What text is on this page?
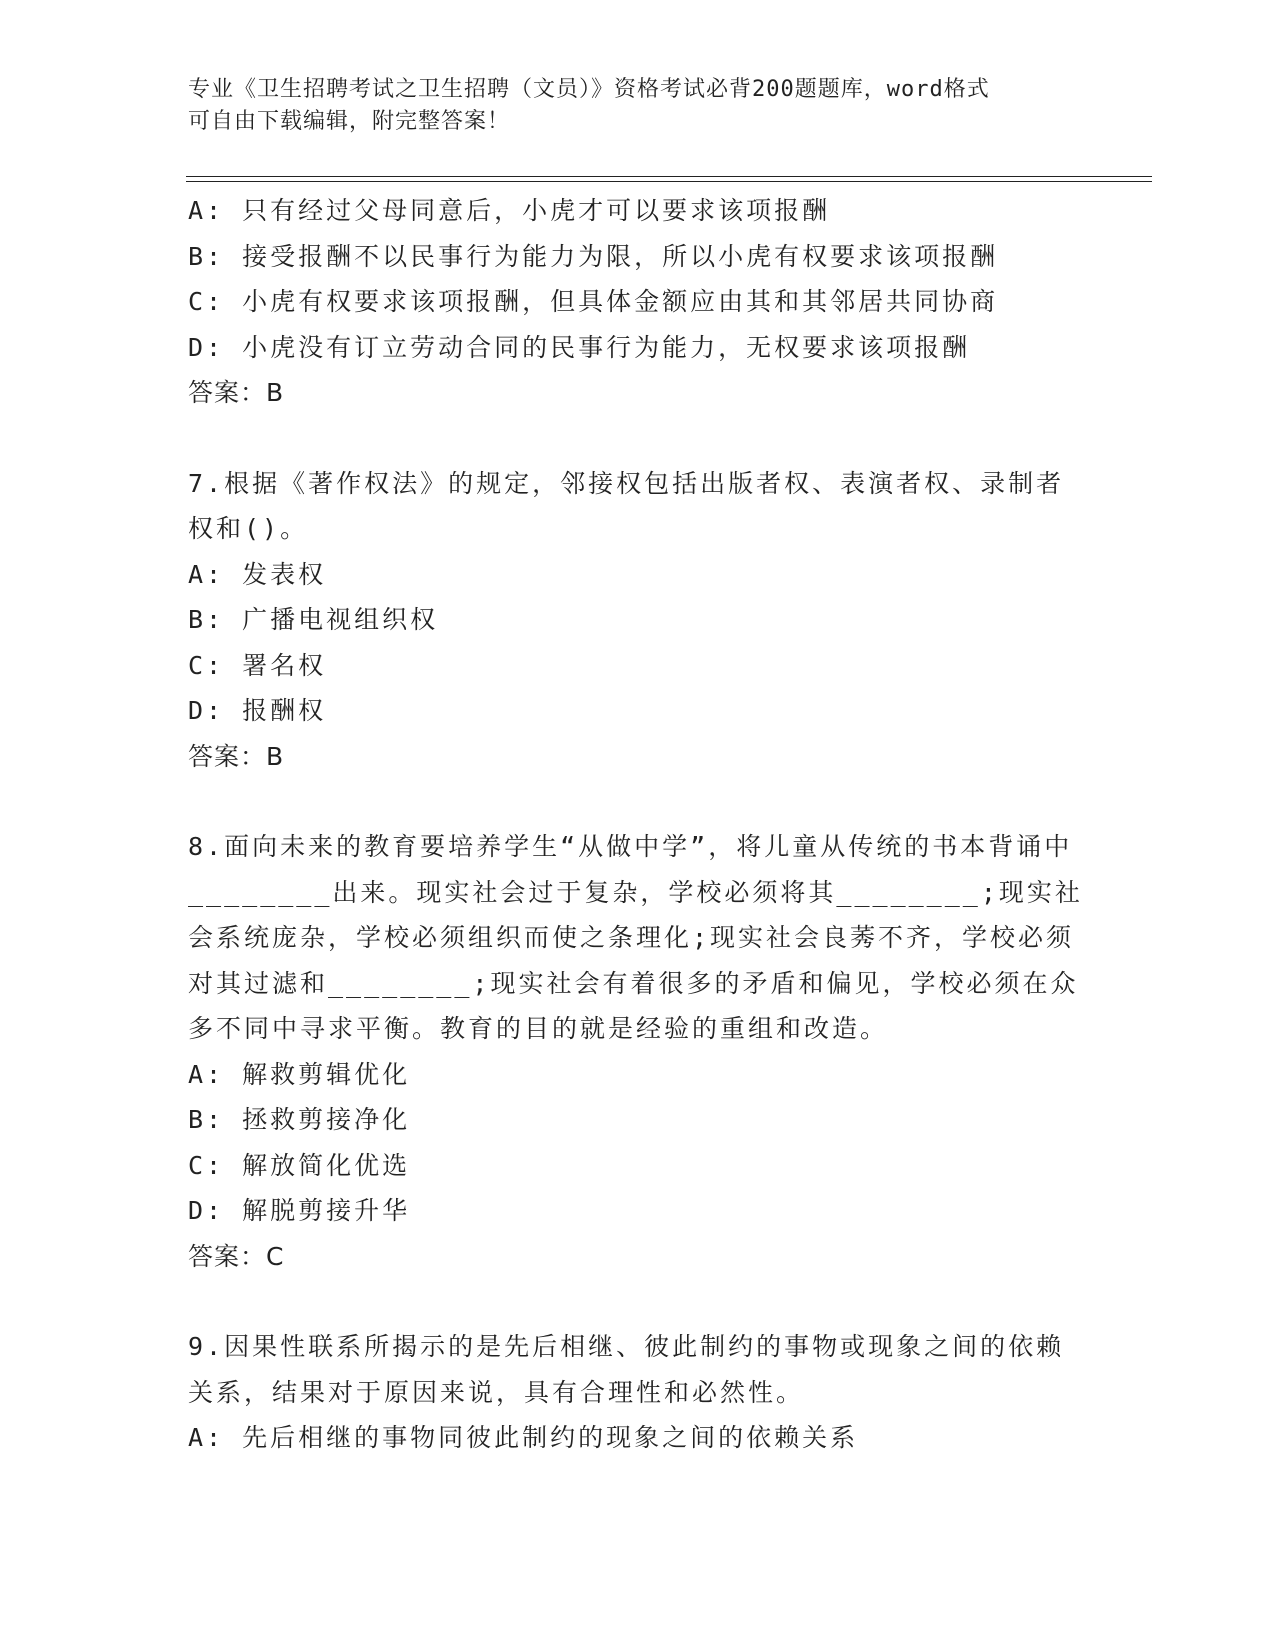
专业《卫生招聘考试之卫生招聘（文员）》资格考试必背200题题库，word格式
可自由下载编辑，附完整答案！
A: 只有经过父母同意后，小虎才可以要求该项报酬
B: 接受报酬不以民事行为能力为限，所以小虎有权要求该项报酬
C: 小虎有权要求该项报酬，但具体金额应由其和其邻居共同协商
D: 小虎没有订立劳动合同的民事行为能力，无权要求该项报酬
答案：B
7.根据《著作权法》的规定，邻接权包括出版者权、表演者权、录制者权和()。
A: 发表权
B: 广播电视组织权
C: 署名权
D: 报酬权
答案：B
8.面向未来的教育要培养学生“从做中学”，将儿童从传统的书本背诵中________出来。现实社会过于复杂，学校必须将其________;现实社会系统庞杂，学校必须组织而使之条理化;现实社会良莠不齐，学校必须对其过滤和________;现实社会有着很多的矛盾和偏见，学校必须在众多不同中寻求平衡。教育的目的就是经验的重组和改造。
A: 解救剪辑优化
B: 拯救剪接净化
C: 解放简化优选
D: 解脱剪接升华
答案：C
9.因果性联系所揭示的是先后相继、彼此制约的事物或现象之间的依赖关系，结果对于原因来说，具有合理性和必然性。
A: 先后相继的事物同彼此制约的现象之间的依赖关系
